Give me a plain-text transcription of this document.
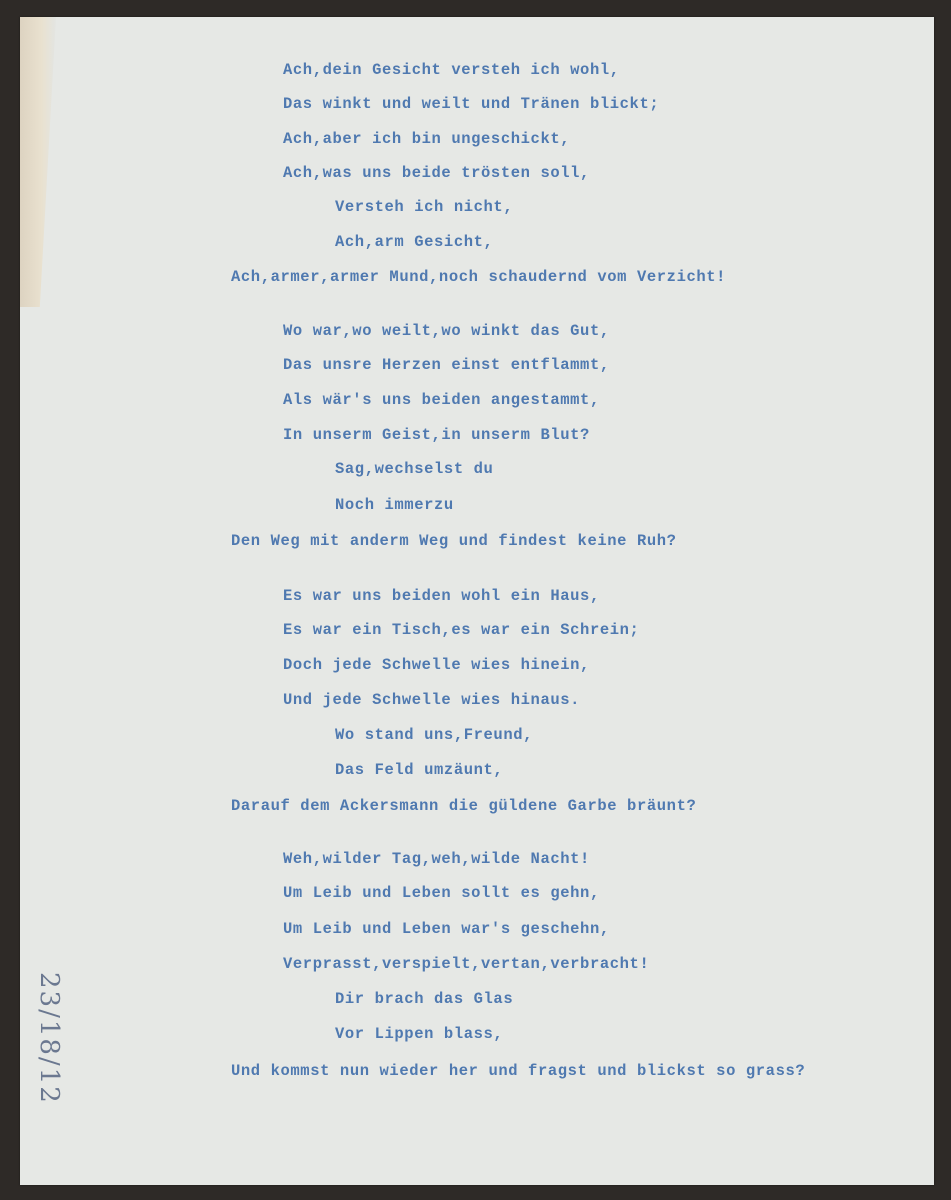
Ach,dein Gesicht versteh ich wohl,
Das winkt und weilt und Tränen blickt;
Ach,aber ich bin ungeschickt,
Ach,was uns beide trösten soll,
Versteh ich nicht,
Ach,arm Gesicht,
Ach,armer,armer Mund,noch schaudernd vom Verzicht!
Wo war,wo weilt,wo winkt das Gut,
Das unsre Herzen einst entflammt,
Als wär's uns beiden angestammt,
In unserm Geist,in unserm Blut?
Sag,wechselst du
Noch immerzu
Den Weg mit anderm Weg und findest keine Ruh?
Es war uns beiden wohl ein Haus,
Es war ein Tisch,es war ein Schrein;
Doch jede Schwelle wies hinein,
Und jede Schwelle wies hinaus.
Wo stand uns,Freund,
Das Feld umzäunt,
Darauf dem Ackersmann die güldene Garbe bräunt?
Weh,wilder Tag,weh,wilde Nacht!
Um Leib und Leben sollt es gehn,
Um Leib und Leben war's geschehn,
Verprasst,verspielt,vertan,verbracht!
Dir brach das Glas
Vor Lippen blass,
Und kommst nun wieder her und fragst und blickst so grass?
23/18/12
